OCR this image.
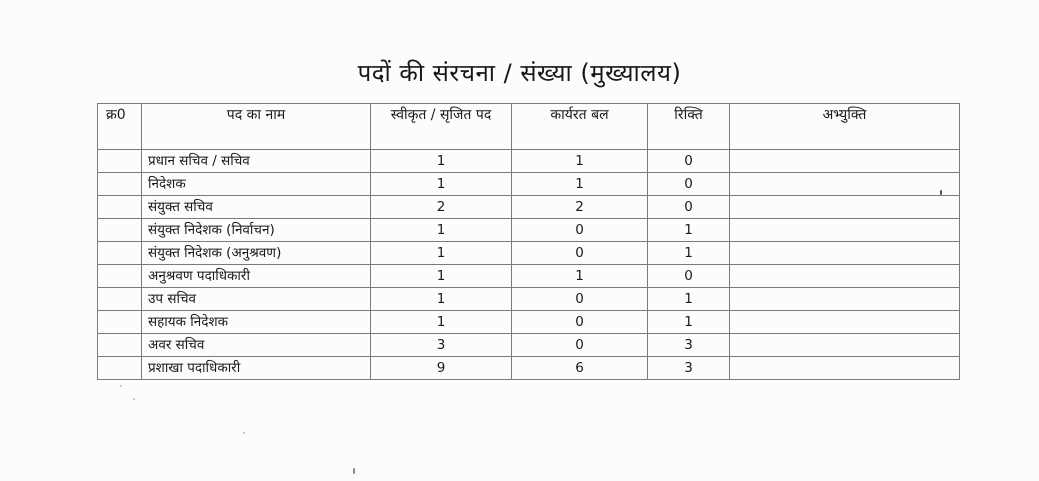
पदों की संरचना / संख्या (मुख्यालय)
क्र0	पद का नाम	स्वीकृत / सृजित पद	कार्यरत बल	रिक्ति	अभ्युक्ति
	प्रधान सचिव / सचिव	1	1	0	
	निदेशक	1	1	0	
	संयुक्त सचिव	2	2	0	
	संयुक्त निदेशक (निर्वाचन)	1	0	1	
	संयुक्त निदेशक (अनुश्रवण)	1	0	1	
	अनुश्रवण पदाधिकारी	1	1	0	
	उप सचिव	1	0	1	
	सहायक निदेशक	1	0	1	
	अवर सचिव	3	0	3	
	प्रशाखा पदाधिकारी	9	6	3	
